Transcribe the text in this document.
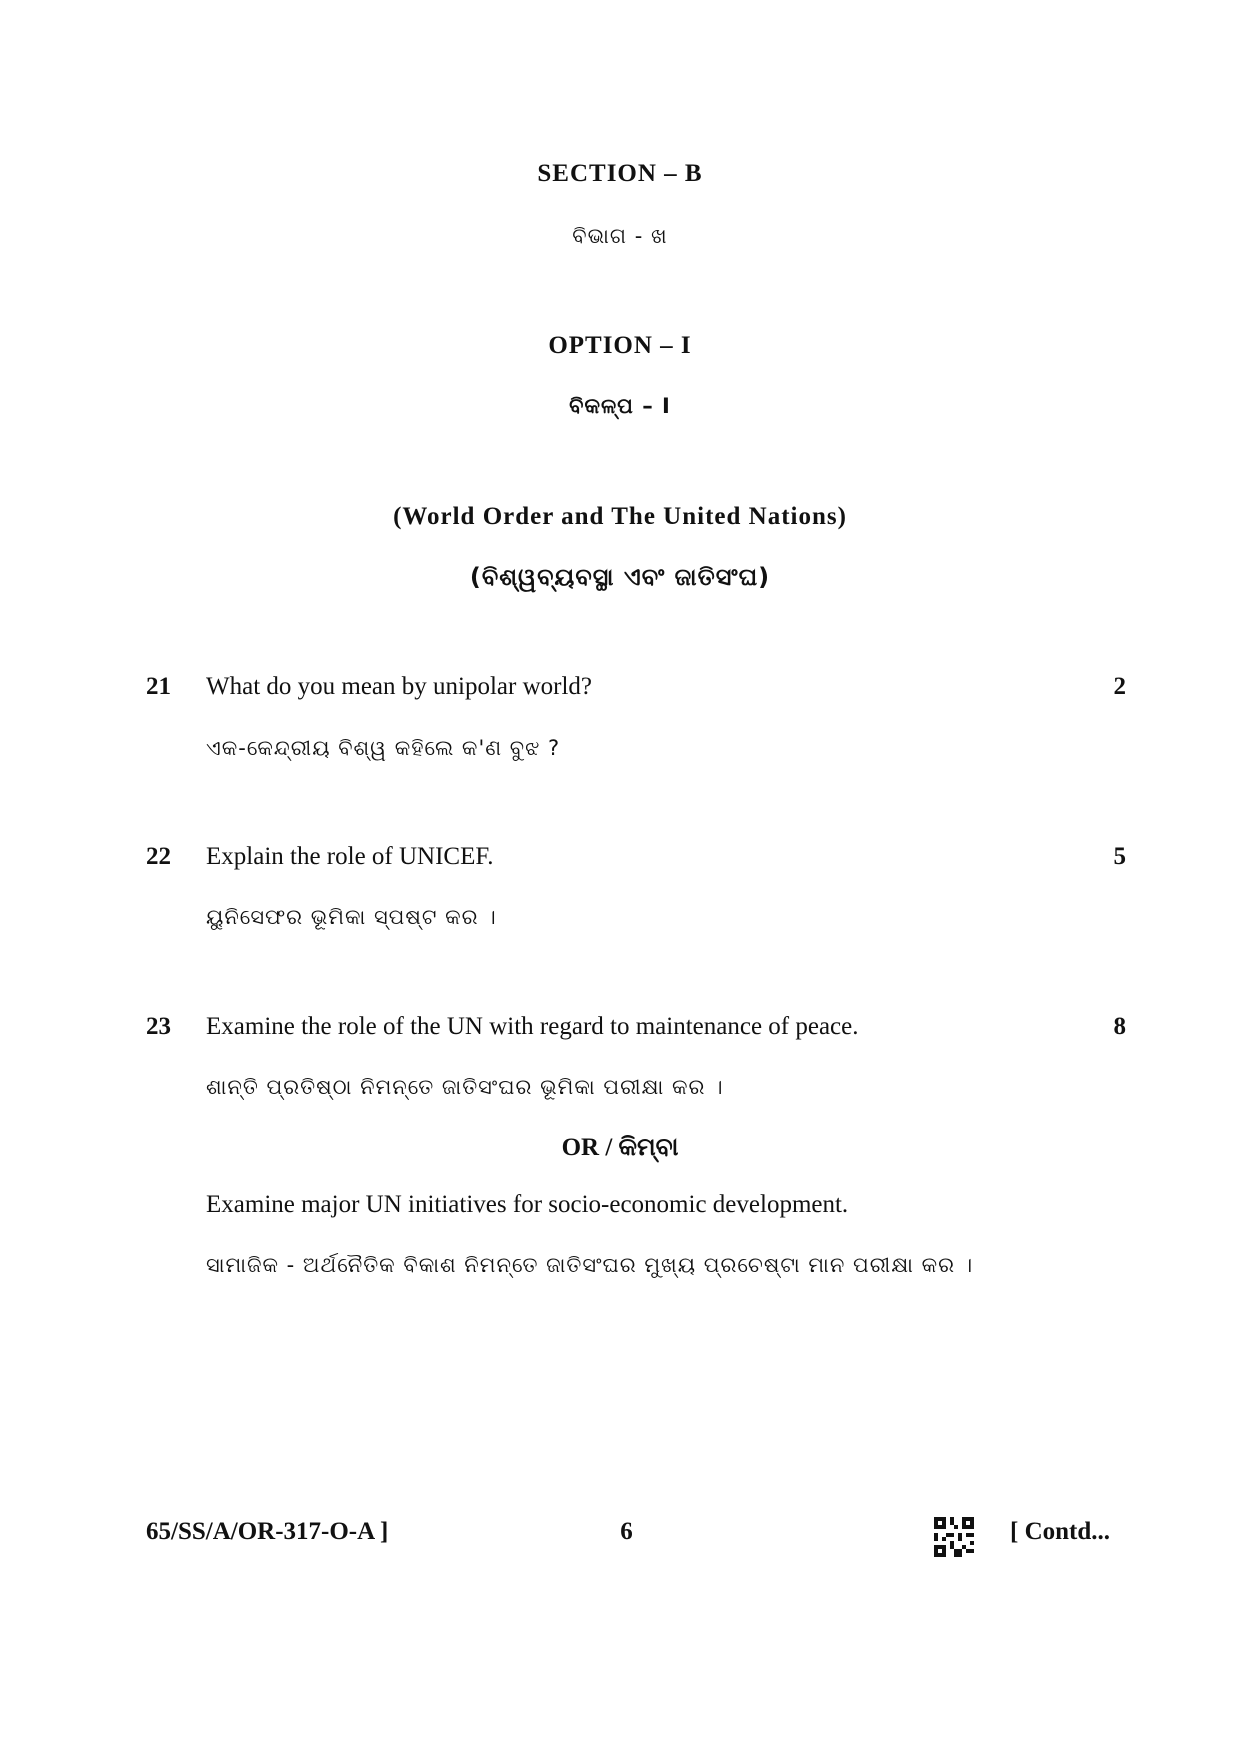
SECTION – B
ବିଭାଗ - ଖ
OPTION – I
ବିକଳ୍ପ – I
(World Order and The United Nations)
(ବିଶ୍ୱବ୍ୟବସ୍ଥା ଏବଂ ଜାତିସଂଘ)
21 What do you mean by unipolar world?	2
ଏକ-କେନ୍ଦ୍ରୀୟ ବିଶ୍ୱ କହିଲେ କ'ଣ ବୁଝ ?
22 Explain the role of UNICEF.	5
ୟୁନିସେଫର ଭୂମିକା ସ୍ପଷ୍ଟ କର ।
23 Examine the role of the UN with regard to maintenance of peace.	8
ଶାନ୍ତି ପ୍ରତିଷ୍ଠା ନିମନ୍ତେ ଜାତିସଂଘର ଭୂମିକା ପରୀକ୍ଷା କର ।
OR / କିମ୍ବା
Examine major UN initiatives for socio-economic development.
ସାମାଜିକ - ଅର୍ଥନୈତିକ ବିକାଶ ନିମନ୍ତେ ଜାତିସଂଘର ମୁଖ୍ୟ ପ୍ରଚେଷ୍ଟା ମାନ ପରୀକ୍ଷା କର ।
65/SS/A/OR-317-O-A ]	6	[ Contd...
